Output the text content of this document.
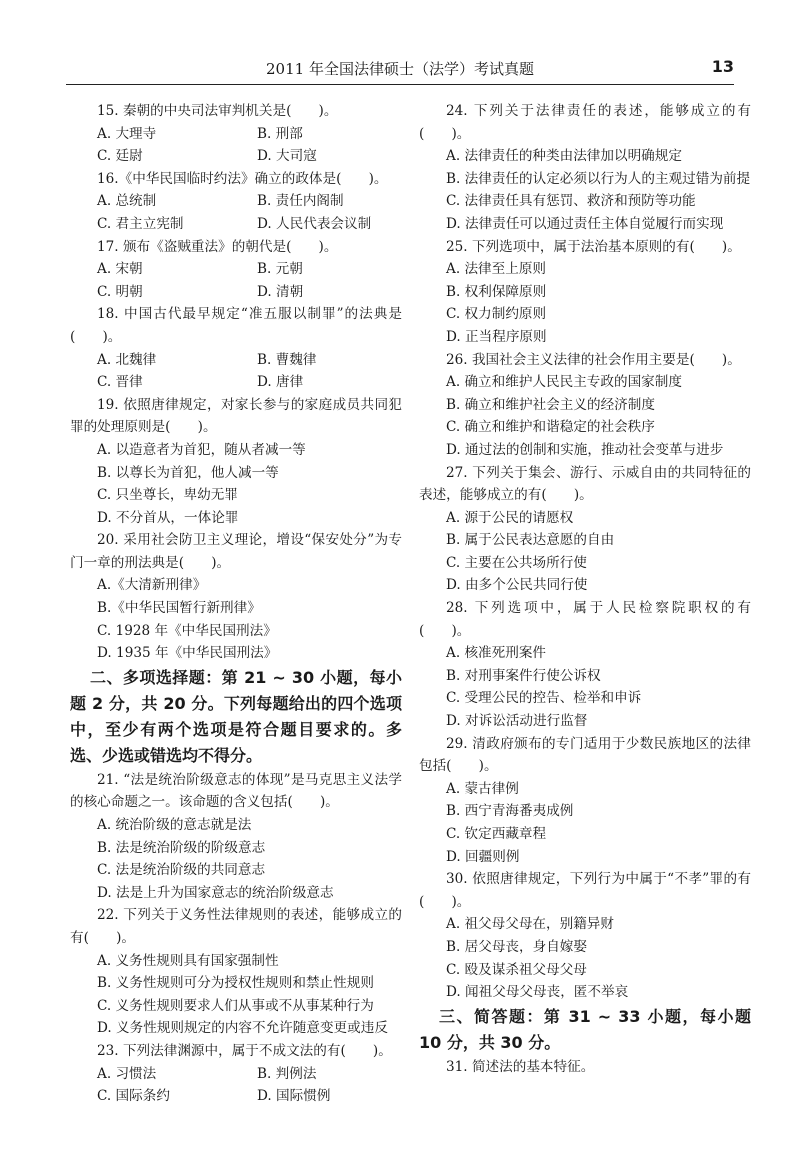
2011 年全国法律硕士（法学）考试真题	13
15. 秦朝的中央司法审判机关是(　　)。
A. 大理寺	B. 刑部
C. 廷尉	D. 大司寇
16.《中华民国临时约法》确立的政体是(　　)。
A. 总统制	B. 责任内阁制
C. 君主立宪制	D. 人民代表会议制
17. 颁布《盗贼重法》的朝代是(　　)。
A. 宋朝	B. 元朝
C. 明朝	D. 清朝
18. 中国古代最早规定“准五服以制罪”的法典是(　　)。
A. 北魏律	B. 曹魏律
C. 晋律	D. 唐律
19. 依照唐律规定，对家长参与的家庭成员共同犯罪的处理原则是(　　)。
A. 以造意者为首犯，随从者减一等
B. 以尊长为首犯，他人减一等
C. 只坐尊长，卑幼无罪
D. 不分首从，一体论罪
20. 采用社会防卫主义理论，增设“保安处分”为专门一章的刑法典是(　　)。
A.《大清新刑律》
B.《中华民国暂行新刑律》
C. 1928 年《中华民国刑法》
D. 1935 年《中华民国刑法》
二、多项选择题：第 21 ~ 30 小题，每小题 2 分，共 20 分。下列每题给出的四个选项中，至少有两个选项是符合题目要求的。多选、少选或错选均不得分。
21. “法是统治阶级意志的体现”是马克思主义法学的核心命题之一。该命题的含义包括(　　)。
A. 统治阶级的意志就是法
B. 法是统治阶级的阶级意志
C. 法是统治阶级的共同意志
D. 法是上升为国家意志的统治阶级意志
22. 下列关于义务性法律规则的表述，能够成立的有(　　)。
A. 义务性规则具有国家强制性
B. 义务性规则可分为授权性规则和禁止性规则
C. 义务性规则要求人们从事或不从事某种行为
D. 义务性规则规定的内容不允许随意变更或违反
23. 下列法律渊源中，属于不成文法的有(　　)。
A. 习惯法	B. 判例法
C. 国际条约	D. 国际惯例
24. 下列关于法律责任的表述，能够成立的有(　　)。
A. 法律责任的种类由法律加以明确规定
B. 法律责任的认定必须以行为人的主观过错为前提
C. 法律责任具有惩罚、救济和预防等功能
D. 法律责任可以通过责任主体自觉履行而实现
25. 下列选项中，属于法治基本原则的有(　　)。
A. 法律至上原则
B. 权利保障原则
C. 权力制约原则
D. 正当程序原则
26. 我国社会主义法律的社会作用主要是(　　)。
A. 确立和维护人民民主专政的国家制度
B. 确立和维护社会主义的经济制度
C. 确立和维护和谐稳定的社会秩序
D. 通过法的创制和实施，推动社会变革与进步
27. 下列关于集会、游行、示威自由的共同特征的表述，能够成立的有(　　)。
A. 源于公民的请愿权
B. 属于公民表达意愿的自由
C. 主要在公共场所行使
D. 由多个公民共同行使
28. 下列选项中，属于人民检察院职权的有(　　)。
A. 核准死刑案件
B. 对刑事案件行使公诉权
C. 受理公民的控告、检举和申诉
D. 对诉讼活动进行监督
29. 清政府颁布的专门适用于少数民族地区的法律包括(　　)。
A. 蒙古律例
B. 西宁青海番夷成例
C. 钦定西藏章程
D. 回疆则例
30. 依照唐律规定，下列行为中属于“不孝”罪的有(　　)。
A. 祖父母父母在，别籍异财
B. 居父母丧，身自嫁娶
C. 殴及谋杀祖父母父母
D. 闻祖父母父母丧，匿不举哀
三、简答题：第 31 ~ 33 小题，每小题 10 分，共 30 分。
31. 简述法的基本特征。
